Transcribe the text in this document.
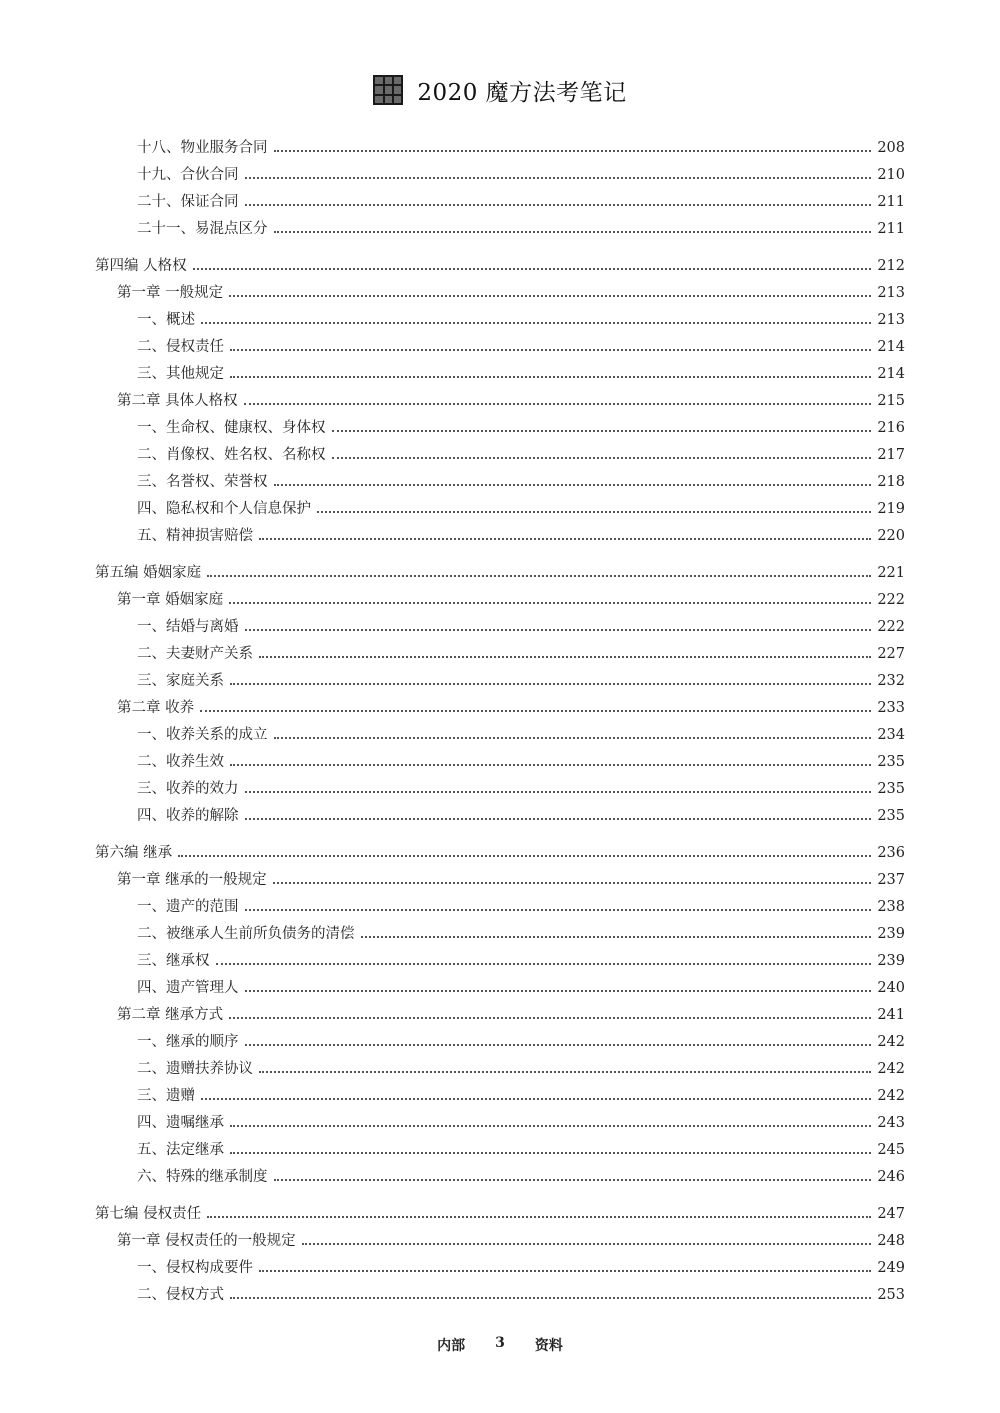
2020 魔方法考笔记
十八、物业服务合同	208
十九、合伙合同	210
二十、保证合同	211
二十一、易混点区分	211
第四编 人格权	212
第一章 一般规定	213
一、概述	213
二、侵权责任	214
三、其他规定	214
第二章 具体人格权	215
一、生命权、健康权、身体权	216
二、肖像权、姓名权、名称权	217
三、名誉权、荣誉权	218
四、隐私权和个人信息保护	219
五、精神损害赔偿	220
第五编 婚姻家庭	221
第一章 婚姻家庭	222
一、结婚与离婚	222
二、夫妻财产关系	227
三、家庭关系	232
第二章 收养	233
一、收养关系的成立	234
二、收养生效	235
三、收养的效力	235
四、收养的解除	235
第六编 继承	236
第一章 继承的一般规定	237
一、遗产的范围	238
二、被继承人生前所负债务的清偿	239
三、继承权	239
四、遗产管理人	240
第二章 继承方式	241
一、继承的顺序	242
二、遗赠扶养协议	242
三、遗赠	242
四、遗嘱继承	243
五、法定继承	245
六、特殊的继承制度	246
第七编 侵权责任	247
第一章 侵权责任的一般规定	248
一、侵权构成要件	249
二、侵权方式	253
内部 3 资料
